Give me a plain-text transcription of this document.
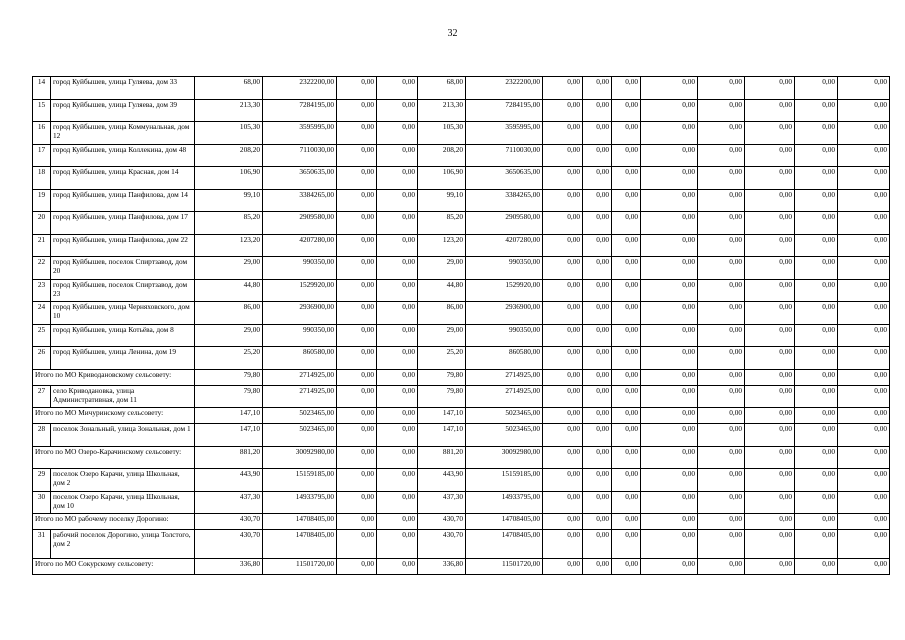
32
14	город Куйбышев, улица Гуляева, дом 33	68,00	2322200,00	0,00	0,00	68,00	2322200,00	0,00	0,00	0,00	0,00	0,00	0,00	0,00	0,00
15	город Куйбышев, улица Гуляева, дом 39	213,30	7284195,00	0,00	0,00	213,30	7284195,00	0,00	0,00	0,00	0,00	0,00	0,00	0,00	0,00
16	город Куйбышев, улица Коммунальная, дом 12	105,30	3595995,00	0,00	0,00	105,30	3595995,00	0,00	0,00	0,00	0,00	0,00	0,00	0,00	0,00
17	город Куйбышев, улица Коллекина, дом 48	208,20	7110030,00	0,00	0,00	208,20	7110030,00	0,00	0,00	0,00	0,00	0,00	0,00	0,00	0,00
18	город Куйбышев, улица Красная, дом 14	106,90	3650635,00	0,00	0,00	106,90	3650635,00	0,00	0,00	0,00	0,00	0,00	0,00	0,00	0,00
19	город Куйбышев, улица Панфилова, дом 14	99,10	3384265,00	0,00	0,00	99,10	3384265,00	0,00	0,00	0,00	0,00	0,00	0,00	0,00	0,00
20	город Куйбышев, улица Панфилова, дом 17	85,20	2909580,00	0,00	0,00	85,20	2909580,00	0,00	0,00	0,00	0,00	0,00	0,00	0,00	0,00
21	город Куйбышев, улица Панфилова, дом 22	123,20	4207280,00	0,00	0,00	123,20	4207280,00	0,00	0,00	0,00	0,00	0,00	0,00	0,00	0,00
22	город Куйбышев, поселок Спиртзавод, дом 20	29,00	990350,00	0,00	0,00	29,00	990350,00	0,00	0,00	0,00	0,00	0,00	0,00	0,00	0,00
23	город Куйбышев, поселок Спиртзавод, дом 23	44,80	1529920,00	0,00	0,00	44,80	1529920,00	0,00	0,00	0,00	0,00	0,00	0,00	0,00	0,00
24	город Куйбышев, улица Черняховского, дом 10	86,00	2936900,00	0,00	0,00	86,00	2936900,00	0,00	0,00	0,00	0,00	0,00	0,00	0,00	0,00
25	город Куйбышев, улица Котьёва, дом 8	29,00	990350,00	0,00	0,00	29,00	990350,00	0,00	0,00	0,00	0,00	0,00	0,00	0,00	0,00
26	город Куйбышев, улица Ленина, дом 19	25,20	860580,00	0,00	0,00	25,20	860580,00	0,00	0,00	0,00	0,00	0,00	0,00	0,00	0,00
Итого по МО Криводановскому сельсовету:		79,80	2714925,00	0,00	0,00	79,80	2714925,00	0,00	0,00	0,00	0,00	0,00	0,00	0,00	0,00
27	село Криводановка, улица Административная, дом 11	79,80	2714925,00	0,00	0,00	79,80	2714925,00	0,00	0,00	0,00	0,00	0,00	0,00	0,00	0,00
Итого по МО Мичуринскому сельсовету:		147,10	5023465,00	0,00	0,00	147,10	5023465,00	0,00	0,00	0,00	0,00	0,00	0,00	0,00	0,00
28	поселок Зональный, улица Зональная, дом 1	147,10	5023465,00	0,00	0,00	147,10	5023465,00	0,00	0,00	0,00	0,00	0,00	0,00	0,00	0,00
Итого по МО Озеро-Карачинскому сельсовету:		881,20	30092980,00	0,00	0,00	881,20	30092980,00	0,00	0,00	0,00	0,00	0,00	0,00	0,00	0,00
29	поселок Озеро Карачи, улица Школьная, дом 2	443,90	15159185,00	0,00	0,00	443,90	15159185,00	0,00	0,00	0,00	0,00	0,00	0,00	0,00	0,00
30	поселок Озеро Карачи, улица Школьная, дом 10	437,30	14933795,00	0,00	0,00	437,30	14933795,00	0,00	0,00	0,00	0,00	0,00	0,00	0,00	0,00
Итого по МО рабочему поселку Дорогино:		430,70	14708405,00	0,00	0,00	430,70	14708405,00	0,00	0,00	0,00	0,00	0,00	0,00	0,00	0,00
31	рабочий поселок Дорогино, улица Толстого, дом 2	430,70	14708405,00	0,00	0,00	430,70	14708405,00	0,00	0,00	0,00	0,00	0,00	0,00	0,00	0,00
Итого по МО Сокурскому сельсовету:		336,80	11501720,00	0,00	0,00	336,80	11501720,00	0,00	0,00	0,00	0,00	0,00	0,00	0,00	0,00
